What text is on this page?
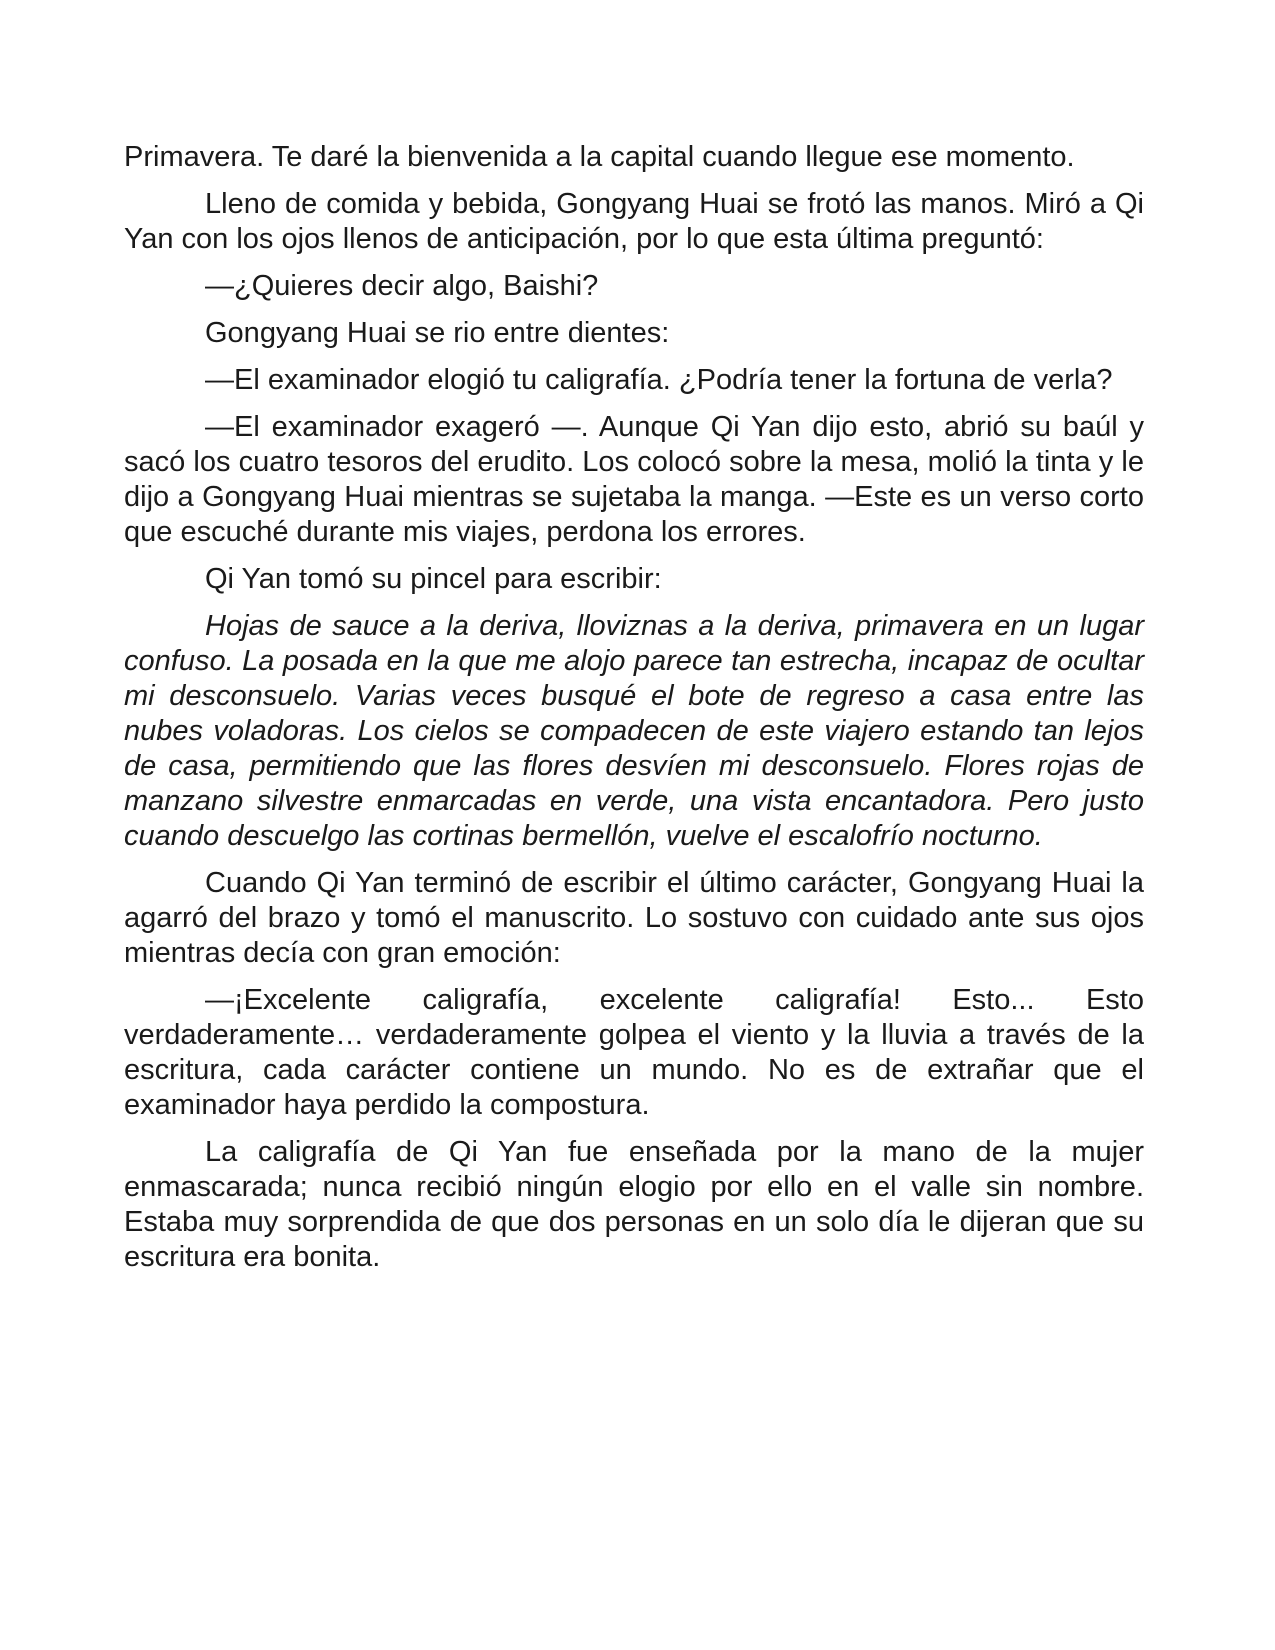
Primavera. Te daré la bienvenida a la capital cuando llegue ese momento.

Lleno de comida y bebida, Gongyang Huai se frotó las manos. Miró a Qi Yan con los ojos llenos de anticipación, por lo que esta última preguntó:

—¿Quieres decir algo, Baishi?

Gongyang Huai se rio entre dientes:

—El examinador elogió tu caligrafía. ¿Podría tener la fortuna de verla?

—El examinador exageró —. Aunque Qi Yan dijo esto, abrió su baúl y sacó los cuatro tesoros del erudito. Los colocó sobre la mesa, molió la tinta y le dijo a Gongyang Huai mientras se sujetaba la manga. —Este es un verso corto que escuché durante mis viajes, perdona los errores.

Qi Yan tomó su pincel para escribir:

Hojas de sauce a la deriva, lloviznas a la deriva, primavera en un lugar confuso. La posada en la que me alojo parece tan estrecha, incapaz de ocultar mi desconsuelo. Varias veces busqué el bote de regreso a casa entre las nubes voladoras. Los cielos se compadecen de este viajero estando tan lejos de casa, permitiendo que las flores desvíen mi desconsuelo. Flores rojas de manzano silvestre enmarcadas en verde, una vista encantadora. Pero justo cuando descuelgo las cortinas bermellón, vuelve el escalofrío nocturno.

Cuando Qi Yan terminó de escribir el último carácter, Gongyang Huai la agarró del brazo y tomó el manuscrito. Lo sostuvo con cuidado ante sus ojos mientras decía con gran emoción:

—¡Excelente caligrafía, excelente caligrafía! Esto... Esto verdaderamente… verdaderamente golpea el viento y la lluvia a través de la escritura, cada carácter contiene un mundo. No es de extrañar que el examinador haya perdido la compostura.

La caligrafía de Qi Yan fue enseñada por la mano de la mujer enmascarada; nunca recibió ningún elogio por ello en el valle sin nombre. Estaba muy sorprendida de que dos personas en un solo día le dijeran que su escritura era bonita.
